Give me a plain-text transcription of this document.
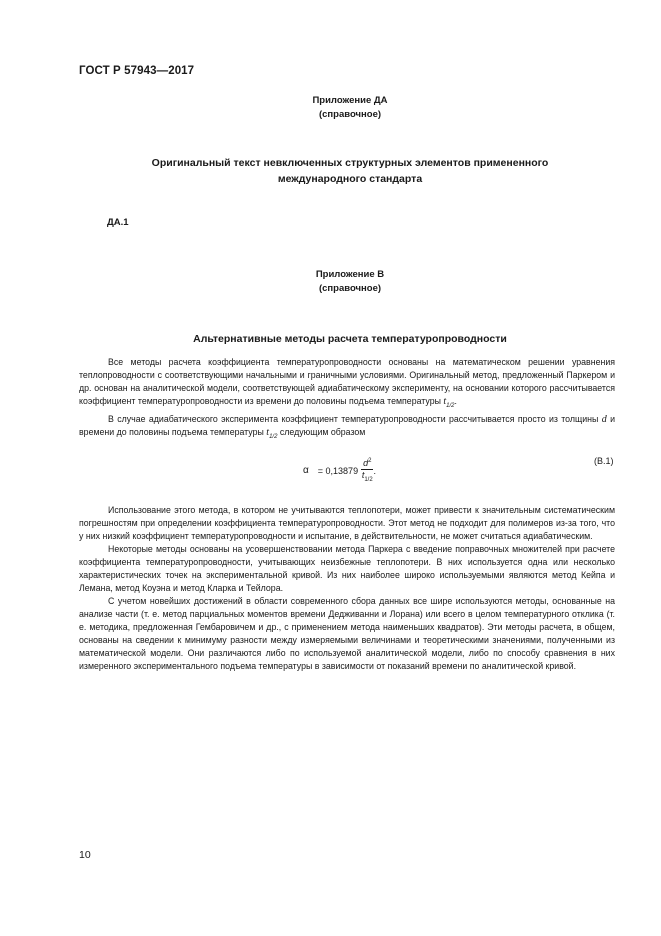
ГОСТ Р 57943—2017
Приложение ДА
(справочное)
Оригинальный текст невключенных структурных элементов примененного
международного стандарта
ДА.1
Приложение В
(справочное)
Альтернативные методы расчета температуропроводности

Все методы расчета коэффициента температуропроводности основаны на математическом решении уравнения теплопроводности с соответствующими начальными и граничными условиями. Оригинальный метод, предложенный Паркером и др. основан на аналитической модели, соответствующей адиабатическому эксперименту, на основании которого рассчитывается коэффициент температуропроводности из времени до половины подъема температуры $t_{1/2}$.

В случае адиабатического эксперимента коэффициент температуропроводности рассчитывается просто из толщины d и времени до половины подъема температуры $t_{1/2}$ следующим образом

$\alpha = 0,13879 \frac{d^2}{t_{1/2}}$ .
(В.1)

Использование этого метода, в котором не учитываются теплопотери, может привести к значительным систематическим погрешностям при определении коэффициента температуропроводности. Этот метод не подходит для полимеров из-за того, что у них низкий коэффициент температуропроводности и испытание, в действительности, не может считаться адиабатическим.

Некоторые методы основаны на усовершенствовании метода Паркера с введение поправочных множителей при расчете коэффициента температуропроводности, учитывающих неизбежные теплопотери. В них используется одна или несколько характеристических точек на экспериментальной кривой. Из них наиболее широко используемыми являются метод Кейпа и Лемана, метод Коуэна и метод Кларка и Тейлора.

С учетом новейших достижений в области современного сбора данных все шире используются методы, основанные на анализе части (т. е. метод парциальных моментов времени Дедживанни и Лорана) или всего в целом температурного отклика (т. е. методика, предложенная Гембаровичем и др., с применением метода наименьших квадратов). Эти методы расчета, в общем, основаны на сведении к минимуму разности между измеряемыми величинами и теоретическими значениями, полученными из математической модели. Они различаются либо по используемой аналитической модели, либо по способу сравнения в них измеренного экспериментального подъема температуры в зависимости от показаний времени по аналитической кривой.

10
